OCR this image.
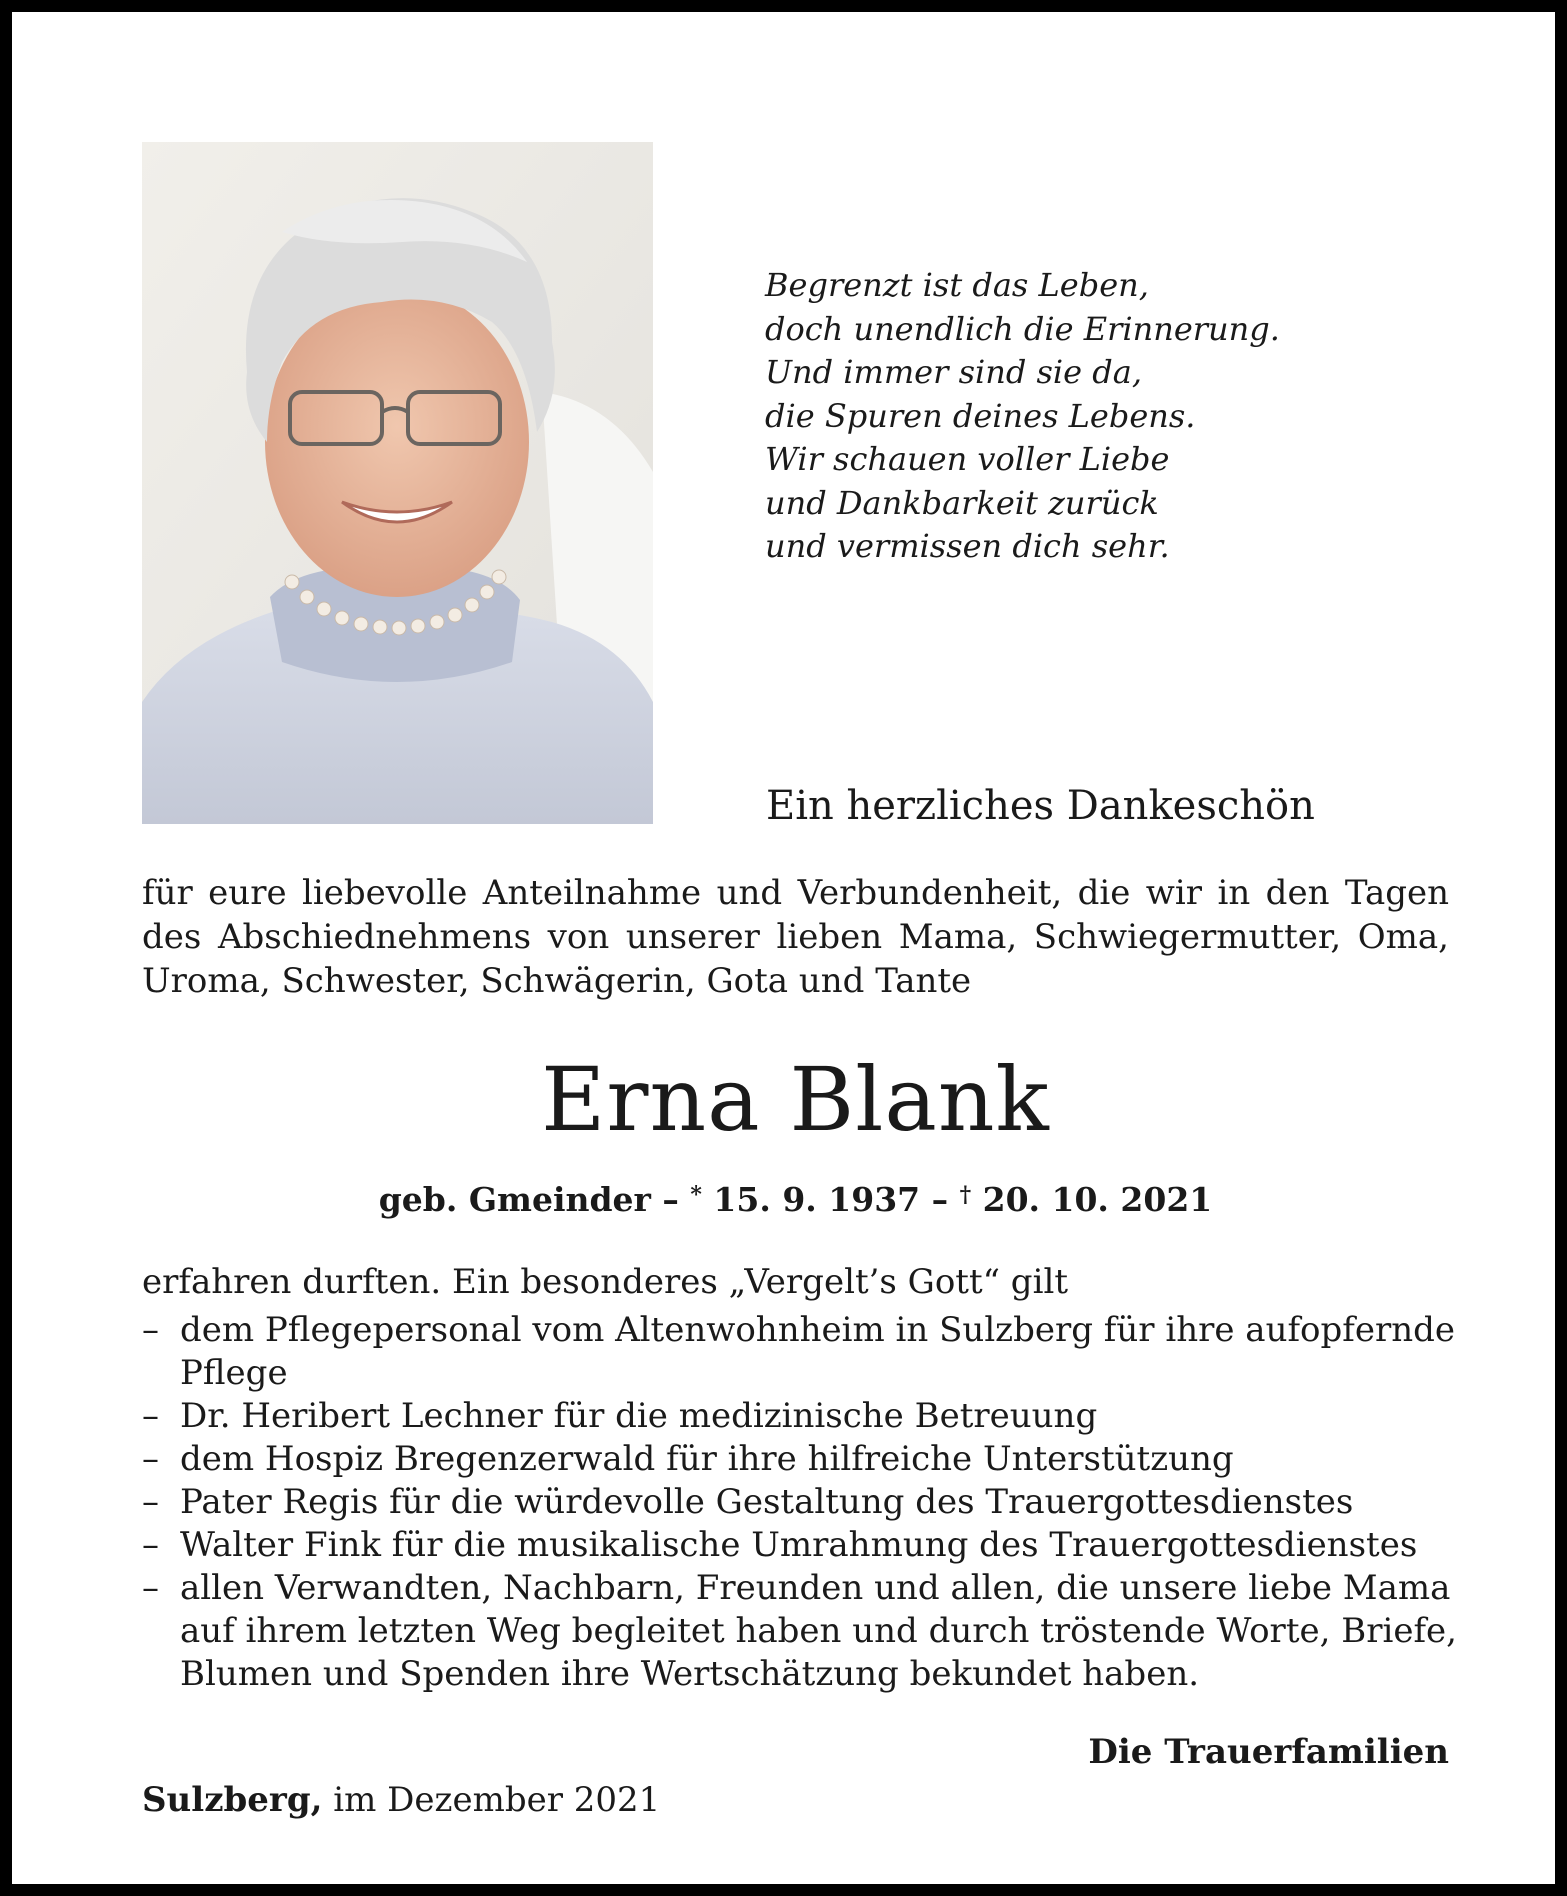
Begrenzt ist das Leben,
doch unendlich die Erinnerung.
Und immer sind sie da,
die Spuren deines Lebens.
Wir schauen voller Liebe
und Dankbarkeit zurück
und vermissen dich sehr.
Ein herzliches Dankeschön
für eure liebevolle Anteilnahme und Verbundenheit, die wir in den Tagen
des Abschiednehmens von unserer lieben Mama, Schwiegermutter, Oma,
Uroma, Schwester, Schwägerin, Gota und Tante
Erna Blank
geb. Gmeinder – * 15. 9. 1937 – † 20. 10. 2021
erfahren durften. Ein besonderes „Vergelt’s Gott“ gilt
– dem Pflegepersonal vom Altenwohnheim in Sulzberg für ihre aufopfernde
Pflege
– Dr. Heribert Lechner für die medizinische Betreuung
– dem Hospiz Bregenzerwald für ihre hilfreiche Unterstützung
– Pater Regis für die würdevolle Gestaltung des Trauergottesdienstes
– Walter Fink für die musikalische Umrahmung des Trauergottesdienstes
– allen Verwandten, Nachbarn, Freunden und allen, die unsere liebe Mama
auf ihrem letzten Weg begleitet haben und durch tröstende Worte, Briefe,
Blumen und Spenden ihre Wertschätzung bekundet haben.
Die Trauerfamilien
Sulzberg, im Dezember 2021
